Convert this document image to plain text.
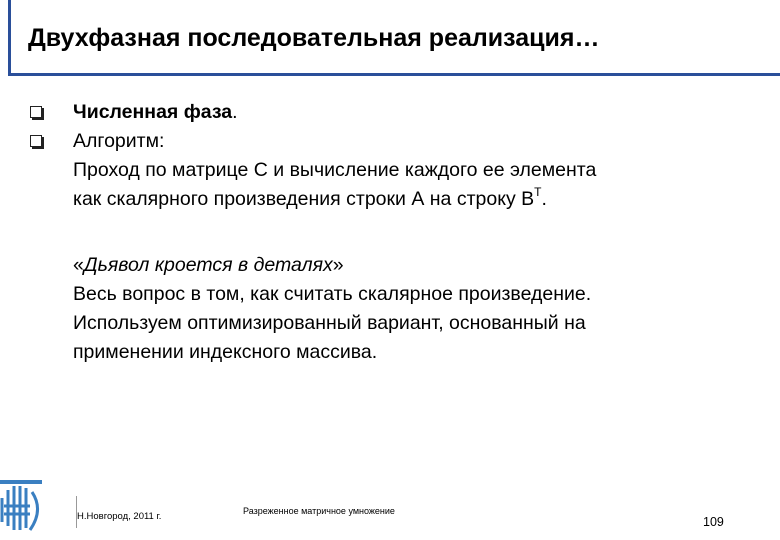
Двухфазная последовательная реализация…
Численная фаза.
Алгоритм:
Проход по матрице С и вычисление каждого ее элемента
как скалярного произведения строки А на строку $В^T$.
«Дьявол кроется в деталях»
Весь вопрос в том, как считать скалярное произведение.
Используем оптимизированный вариант, основанный на
применении индексного массива.
Н.Новгород, 2011 г.	Разреженное матричное умножение
109
